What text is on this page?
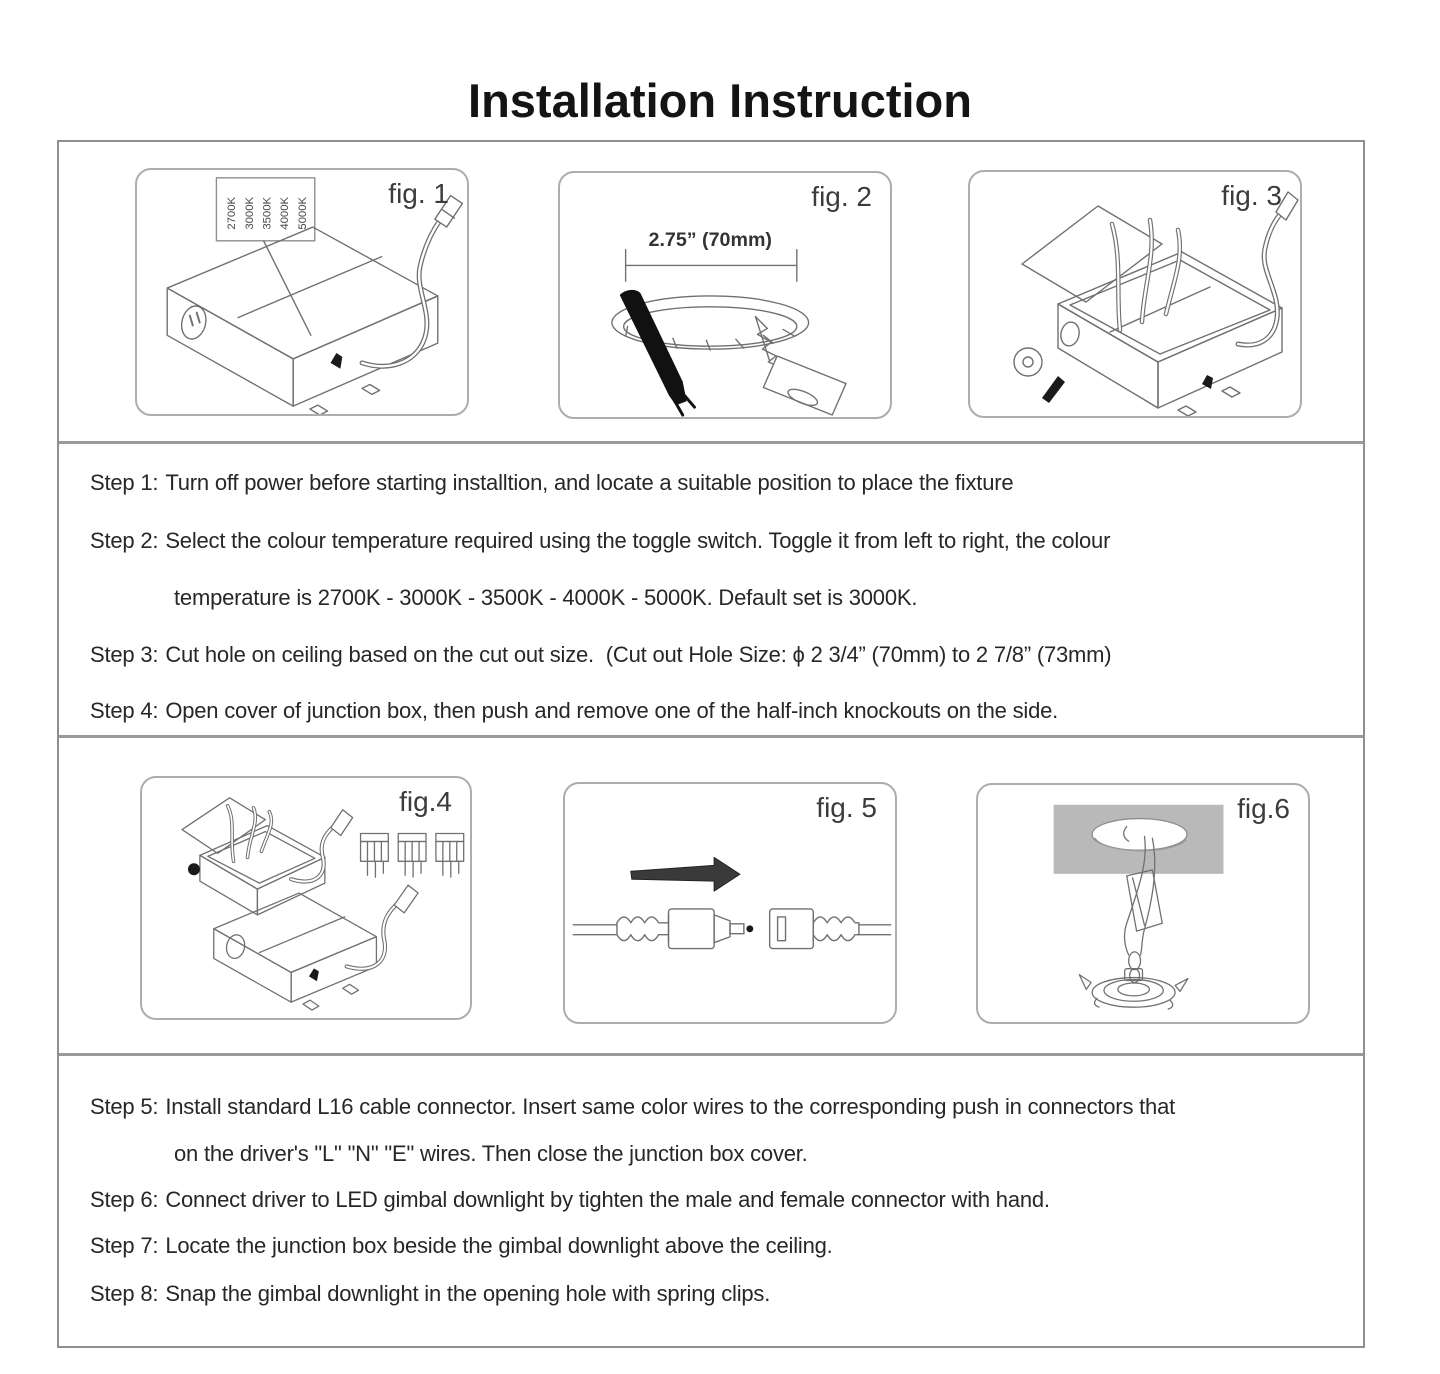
Installation Instruction
2700K 3000K 3500K 4000K 5000K
fig. 1
2.75” (70mm)
fig. 2	fig. 3
Step 1: Turn off power before starting installtion, and locate a suitable position to place the fixture
Step 2: Select the colour temperature required using the toggle switch. Toggle it from left to right, the colour
temperature is 2700K - 3000K - 3500K - 4000K - 5000K. Default set is 3000K.
Step 3: Cut hole on ceiling based on the cut out size.  (Cut out Hole Size: ϕ 2 3/4” (70mm) to 2 7/8” (73mm)
Step 4: Open cover of junction box, then push and remove one of the half-inch knockouts on the side.
fig.4	fig. 5	fig.6
Step 5: Install standard L16 cable connector. Insert same color wires to the corresponding push in connectors that
on the driver's "L" "N" "E" wires. Then close the junction box cover.
Step 6: Connect driver to LED gimbal downlight by tighten the male and female connector with hand.
Step 7: Locate the junction box beside the gimbal downlight above the ceiling.
Step 8: Snap the gimbal downlight in the opening hole with spring clips.
